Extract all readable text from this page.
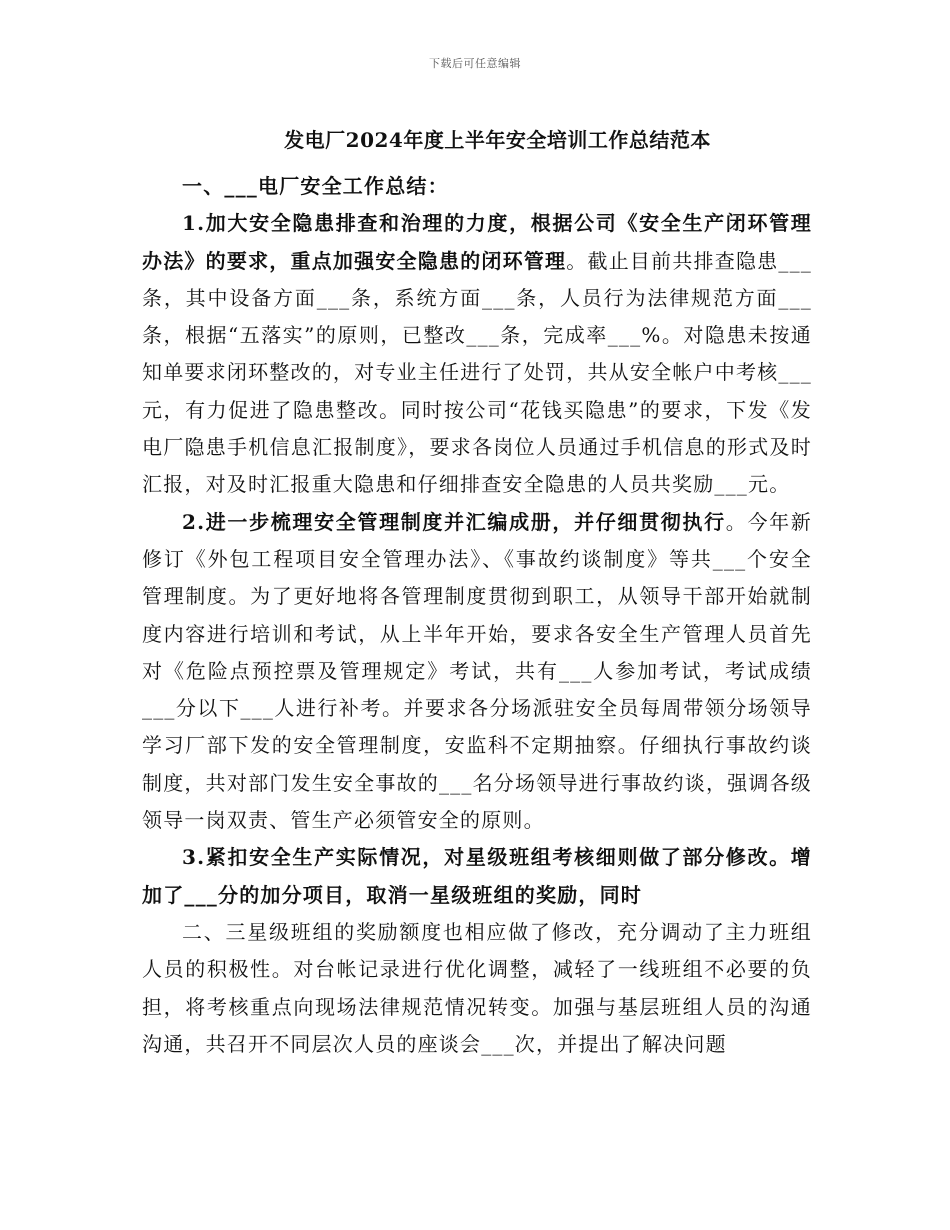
下载后可任意编辑
发电厂2024年度上半年安全培训工作总结范本

一、___电厂安全工作总结：

1.加大安全隐患排查和治理的力度，根据公司《安全生产闭环管理办法》的要求，重点加强安全隐患的闭环管理。截止目前共排查隐患___条，其中设备方面___条，系统方面___条，人员行为法律规范方面___条，根据“五落实”的原则，已整改___条，完成率___%。对隐患未按通知单要求闭环整改的，对专业主任进行了处罚，共从安全帐户中考核___元，有力促进了隐患整改。同时按公司“花钱买隐患”的要求，下发《发电厂隐患手机信息汇报制度》，要求各岗位人员通过手机信息的形式及时汇报，对及时汇报重大隐患和仔细排查安全隐患的人员共奖励___元。

2.进一步梳理安全管理制度并汇编成册，并仔细贯彻执行。今年新修订《外包工程项目安全管理办法》、《事故约谈制度》等共___个安全管理制度。为了更好地将各管理制度贯彻到职工，从领导干部开始就制度内容进行培训和考试，从上半年开始，要求各安全生产管理人员首先对《危险点预控票及管理规定》考试，共有___人参加考试，考试成绩___分以下___人进行补考。并要求各分场派驻安全员每周带领分场领导学习厂部下发的安全管理制度，安监科不定期抽察。仔细执行事故约谈制度，共对部门发生安全事故的___名分场领导进行事故约谈，强调各级领导一岗双责、管生产必须管安全的原则。

3.紧扣安全生产实际情况，对星级班组考核细则做了部分修改。增加了___分的加分项目，取消一星级班组的奖励，同时

二、三星级班组的奖励额度也相应做了修改，充分调动了主力班组人员的积极性。对台帐记录进行优化调整，减轻了一线班组不必要的负担，将考核重点向现场法律规范情况转变。加强与基层班组人员的沟通沟通，共召开不同层次人员的座谈会___次，并提出了解决问题
